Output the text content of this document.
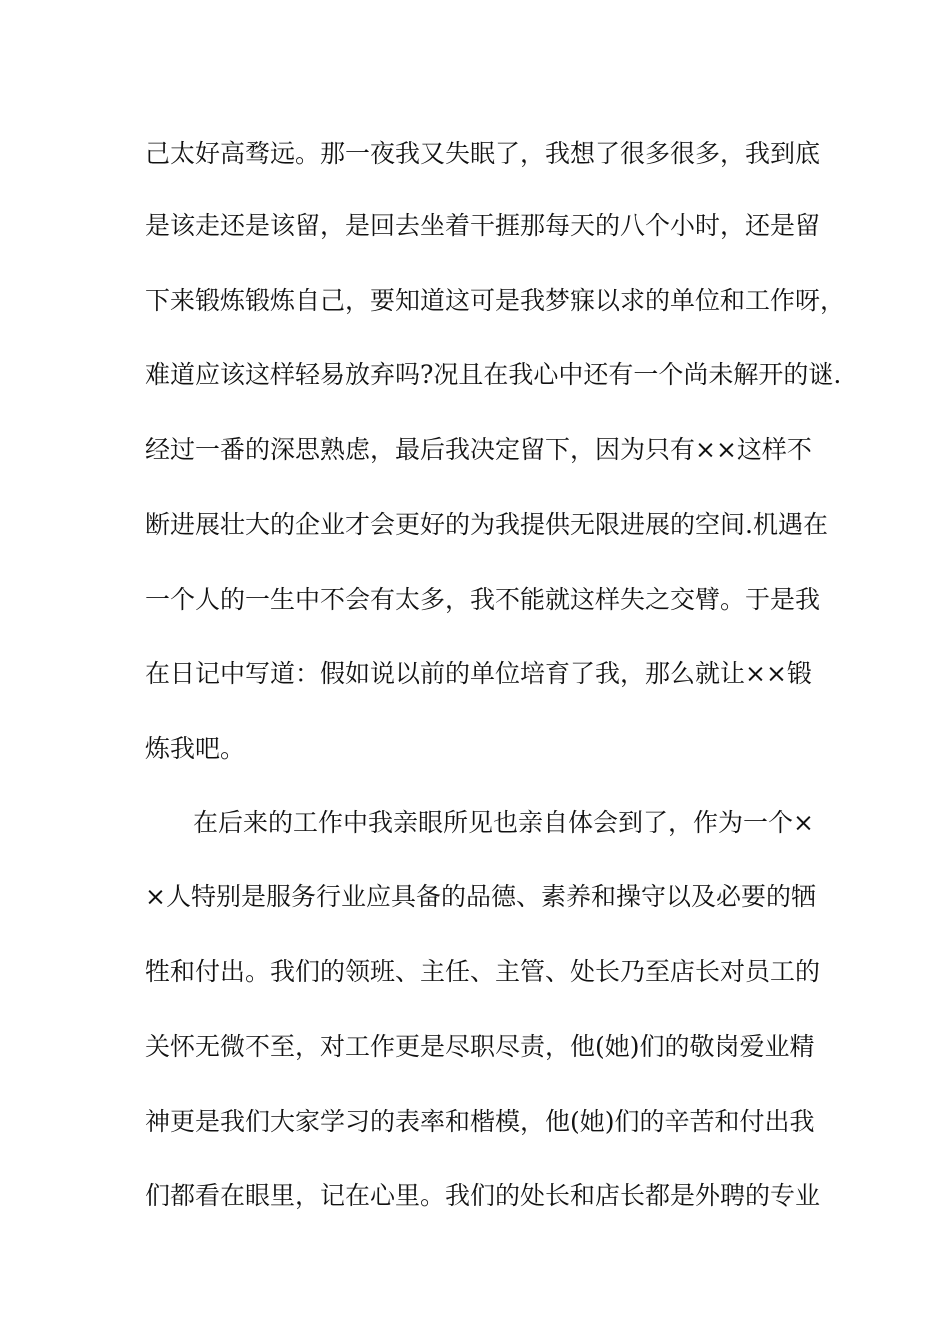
己太好高骛远。那一夜我又失眠了，我想了很多很多，我到底
是该走还是该留，是回去坐着干捱那每天的八个小时，还是留
下来锻炼锻炼自己，要知道这可是我梦寐以求的单位和工作呀，
难道应该这样轻易放弃吗?况且在我心中还有一个尚未解开的谜.
经过一番的深思熟虑，最后我决定留下，因为只有××这样不
断进展壮大的企业才会更好的为我提供无限进展的空间.机遇在
一个人的一生中不会有太多，我不能就这样失之交臂。于是我
在日记中写道：假如说以前的单位培育了我，那么就让××锻
炼我吧。
在后来的工作中我亲眼所见也亲自体会到了，作为一个×
×人特别是服务行业应具备的品德、素养和操守以及必要的牺
牲和付出。我们的领班、主任、主管、处长乃至店长对员工的
关怀无微不至，对工作更是尽职尽责，他(她)们的敬岗爱业精
神更是我们大家学习的表率和楷模，他(她)们的辛苦和付出我
们都看在眼里，记在心里。我们的处长和店长都是外聘的专业
